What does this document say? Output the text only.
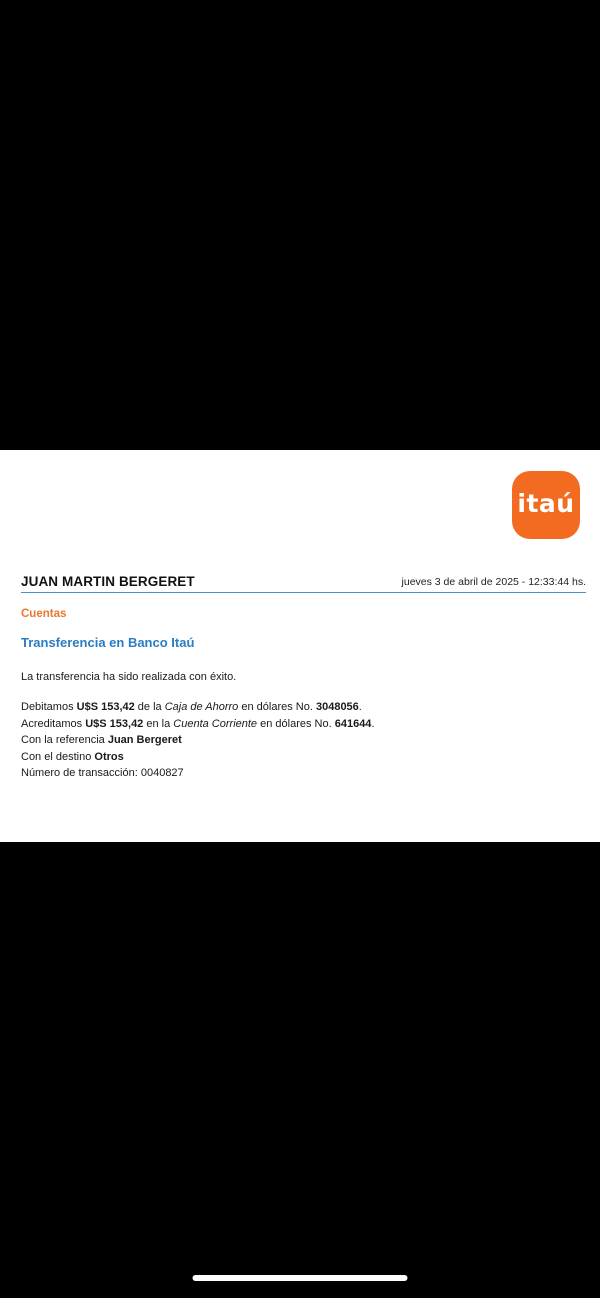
itaú
JUAN MARTIN BERGERET	jueves 3 de abril de 2025 - 12:33:44 hs.
Cuentas
Transferencia en Banco Itaú
La transferencia ha sido realizada con éxito.
Debitamos U$S 153,42 de la Caja de Ahorro en dólares No. 3048056.
Acreditamos U$S 153,42 en la Cuenta Corriente en dólares No. 641644.
Con la referencia Juan Bergeret
Con el destino Otros
Número de transacción: 0040827
